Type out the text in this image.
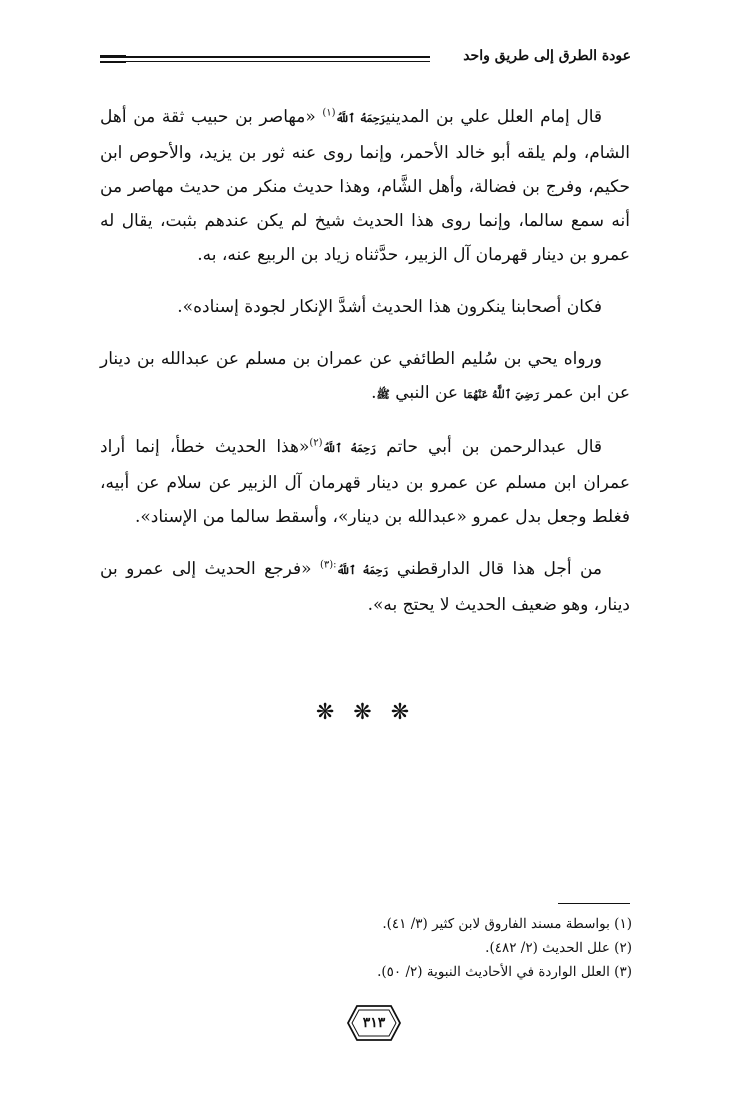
عودة الطرق إلى طريق واحد

قال إمام العلل علي بن المدينيرَحِمَهُ ٱللَّهُ$^{(١)}$ «مهاصر بن حبيب ثقة من أهل الشام، ولم يلقه أبو خالد الأحمر، وإنما روى عنه ثور بن يزيد، والأحوص ابن حكيم، وفرج بن فضالة، وأهل الشَّام، وهذا حديث منكر من حديث مهاصر من أنه سمع سالما، وإنما روى هذا الحديث شيخ لم يكن عندهم بثبت، يقال له عمرو بن دينار قهرمان آل الزبير، حدَّثناه زياد بن الربيع عنه، به.

فكان أصحابنا ينكرون هذا الحديث أشدَّ الإنكار لجودة إسناده».

ورواه يحي بن سُليم الطائفي عن عمران بن مسلم عن عبدالله بن دينار عن ابن عمر رَضِيَ ٱللَّهُ عَنْهُمَا عن النبي ﷺ.

قال عبدالرحمن بن أبي حاتم رَحِمَهُ ٱللَّهُ$^{(٢)}$«هذا الحديث خطأ، إنما أراد عمران ابن مسلم عن عمرو بن دينار قهرمان آل الزبير عن سلام عن أبيه، فغلط وجعل بدل عمرو «عبدالله بن دينار»، وأسقط سالما من الإسناد».

من أجل هذا قال الدارقطني رَحِمَهُ ٱللَّهُ$^{:(٣)}$ «فرجع الحديث إلى عمرو بن دينار، وهو ضعيف الحديث لا يحتج به».

❋ ❋ ❋
(١) بواسطة مسند الفاروق لابن كثير (٣/ ٤١).
(٢) علل الحديث (٢/ ٤٨٢).
(٣) العلل الواردة في الأحاديث النبوية (٢/ ٥٠).
٣١٣
